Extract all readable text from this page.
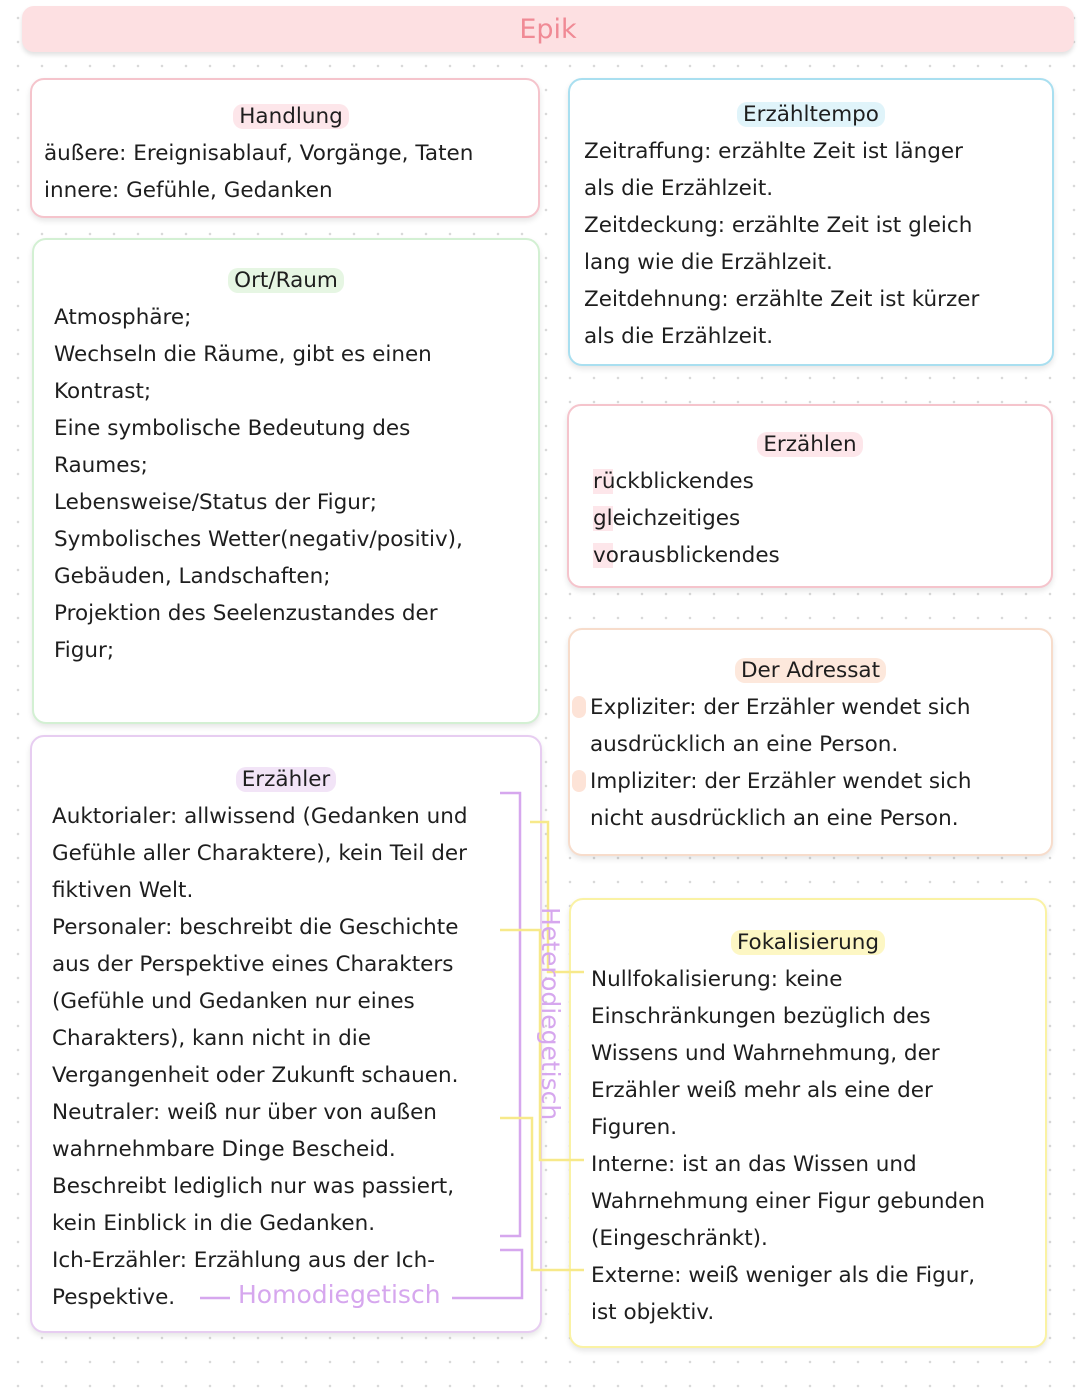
Epik
Handlung
äußere: Ereignisablauf, Vorgänge, Taten
innere: Gefühle, Gedanken
Ort/Raum
Atmosphäre;
Wechseln die Räume, gibt es einen
Kontrast;
Eine symbolische Bedeutung des
Raumes;
Lebensweise/Status der Figur;
Symbolisches Wetter(negativ/positiv),
Gebäuden, Landschaften;
Projektion des Seelenzustandes der
Figur;
Erzähler
Auktorialer: allwissend (Gedanken und
Gefühle aller Charaktere), kein Teil der
fiktiven Welt.
Personaler: beschreibt die Geschichte
aus der Perspektive eines Charakters
(Gefühle und Gedanken nur eines
Charakters), kann nicht in die
Vergangenheit oder Zukunft schauen.
Neutraler: weiß nur über von außen
wahrnehmbare Dinge Bescheid.
Beschreibt lediglich nur was passiert,
kein Einblick in die Gedanken.
Ich-Erzähler: Erzählung aus der Ich-
Pespektive.
Erzähltempo
Zeitraffung: erzählte Zeit ist länger
als die Erzählzeit.
Zeitdeckung: erzählte Zeit ist gleich
lang wie die Erzählzeit.
Zeitdehnung: erzählte Zeit ist kürzer
als die Erzählzeit.
Erzählen
rückblickendes
gleichzeitiges
vorausblickendes
Der Adressat
Expliziter: der Erzähler wendet sich
ausdrücklich an eine Person.
Impliziter: der Erzähler wendet sich
nicht ausdrücklich an eine Person.
Fokalisierung
Nullfokalisierung: keine
Einschränkungen bezüglich des
Wissens und Wahrnehmung, der
Erzähler weiß mehr als eine der
Figuren.
Interne: ist an das Wissen und
Wahrnehmung einer Figur gebunden
(Eingeschränkt).
Externe: weiß weniger als die Figur,
ist objektiv.
Heterodiegetisch
Homodiegetisch
